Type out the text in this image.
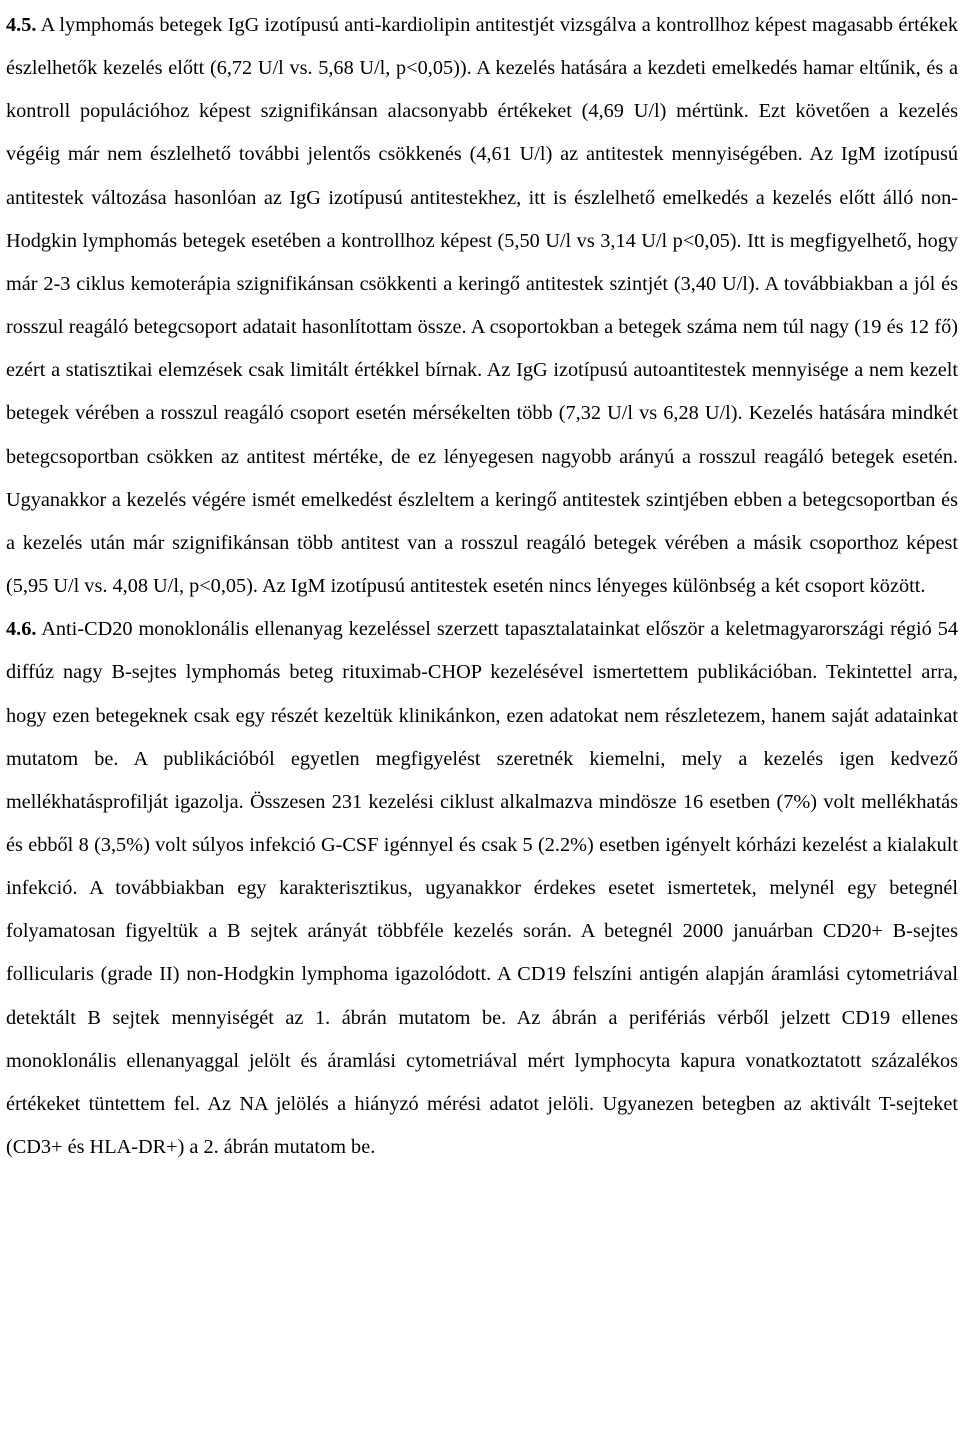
4.5. A lymphomás betegek IgG izotípusú anti-kardiolipin antitestjét vizsgálva a kontrollhoz képest magasabb értékek észlelhetők kezelés előtt (6,72 U/l vs. 5,68 U/l, p<0,05)). A kezelés hatására a kezdeti emelkedés hamar eltűnik, és a kontroll populációhoz képest szignifikánsan alacsonyabb értékeket (4,69 U/l) mértünk. Ezt követően a kezelés végéig már nem észlelhető további jelentős csökkenés (4,61 U/l) az antitestek mennyiségében. Az IgM izotípusú antitestek változása hasonlóan az IgG izotípusú antitestekhez, itt is észlelhető emelkedés a kezelés előtt álló non-Hodgkin lymphomás betegek esetében a kontrollhoz képest (5,50 U/l vs 3,14 U/l p<0,05). Itt is megfigyelhető, hogy már 2-3 ciklus kemoterápia szignifikánsan csökkenti a keringő antitestek szintjét (3,40 U/l). A továbbiakban a jól és rosszul reagáló betegcsoport adatait hasonlítottam össze. A csoportokban a betegek száma nem túl nagy (19 és 12 fő) ezért a statisztikai elemzések csak limitált értékkel bírnak. Az IgG izotípusú autoantitestek mennyisége a nem kezelt betegek vérében a rosszul reagáló csoport esetén mérsékelten több (7,32 U/l vs 6,28 U/l). Kezelés hatására mindkét betegcsoportban csökken az antitest mértéke, de ez lényegesen nagyobb arányú a rosszul reagáló betegek esetén. Ugyanakkor a kezelés végére ismét emelkedést észleltem a keringő antitestek szintjében ebben a betegcsoportban és a kezelés után már szignifikánsan több antitest van a rosszul reagáló betegek vérében a másik csoporthoz képest (5,95 U/l vs. 4,08 U/l, p<0,05). Az IgM izotípusú antitestek esetén nincs lényeges különbség a két csoport között.

4.6. Anti-CD20 monoklonális ellenanyag kezeléssel szerzett tapasztalatainkat először a keletmagyarországi régió 54 diffúz nagy B-sejtes lymphomás beteg rituximab-CHOP kezelésével ismertettem publikációban. Tekintettel arra, hogy ezen betegeknek csak egy részét kezeltük klinikánkon, ezen adatokat nem részletezem, hanem saját adatainkat mutatom be. A publikációból egyetlen megfigyelést szeretnék kiemelni, mely a kezelés igen kedvező mellékhatásprofilját igazolja. Összesen 231 kezelési ciklust alkalmazva mindösze 16 esetben (7%) volt mellékhatás és ebből 8 (3,5%) volt súlyos infekció G-CSF igénnyel és csak 5 (2.2%) esetben igényelt kórházi kezelést a kialakult infekció. A továbbiakban egy karakterisztikus, ugyanakkor érdekes esetet ismertetek, melynél egy betegnél folyamatosan figyeltük a B sejtek arányát többféle kezelés során. A betegnél 2000 januárban CD20+ B-sejtes follicularis (grade II) non-Hodgkin lymphoma igazolódott. A CD19 felszíni antigén alapján áramlási cytometriával detektált B sejtek mennyiségét az 1. ábrán mutatom be. Az ábrán a perifériás vérből jelzett CD19 ellenes monoklonális ellenanyaggal jelölt és áramlási cytometriával mért lymphocyta kapura vonatkoztatott százalékos értékeket tüntettem fel. Az NA jelölés a hiányzó mérési adatot jelöli. Ugyanezen betegben az aktivált T-sejteket (CD3+ és HLA-DR+) a 2. ábrán mutatom be.
